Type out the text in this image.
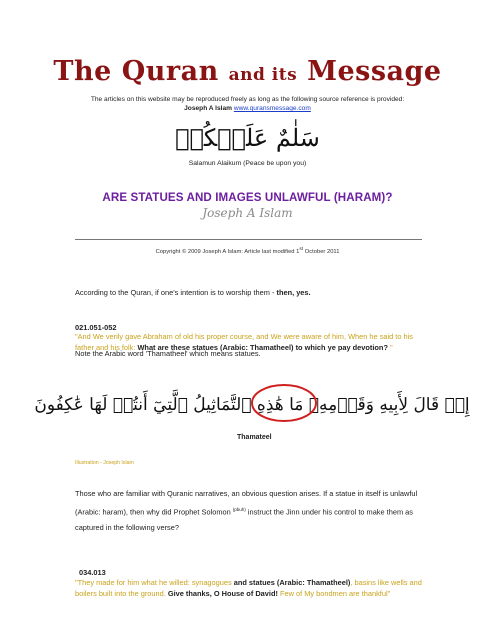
The Quran and its Message
The articles on this website may be reproduced freely as long as the following source reference is provided:
Joseph A Islam www.quransmessage.com
سَلٰمٌ عَلَيۡكُمۡ
Salamun Alaikum (Peace be upon you)
ARE STATUES AND IMAGES UNLAWFUL (HARAM)?
Joseph A Islam
Copyright © 2009 Joseph A Islam: Article last modified 1st October 2011
According to the Quran, if one's intention is to worship them - then, yes.
021.051-052
"And We verily gave Abraham of old his proper course, and We were aware of him, When he said to his father and his folk: What are these statues (Arabic: Thamatheel) to which ye pay devotion? "
Note the Arabic word 'Thamatheel' which means statues.
إِذۡ قَالَ لِأَبِيهِ وَقَوۡمِهِۦ مَا هَٰذِهِ ٱلتَّمَاثِيلُ ٱلَّتِيٓ أَنتُمۡ لَهَا عَٰكِفُونَ
Thamateel
Illustration - Joseph Islam
Those who are familiar with Quranic narratives, an obvious question arises. If a statue in itself is unlawful (Arabic: haram), then why did Prophet Solomon $^{(pbuh)}$ instruct the Jinn under his control to make them as captured in the following verse?
034.013
"They made for him what he willed: synagogues and statues (Arabic: Thamatheel), basins like wells and boilers built into the ground. Give thanks, O House of David! Few of My bondmen are thankful"
